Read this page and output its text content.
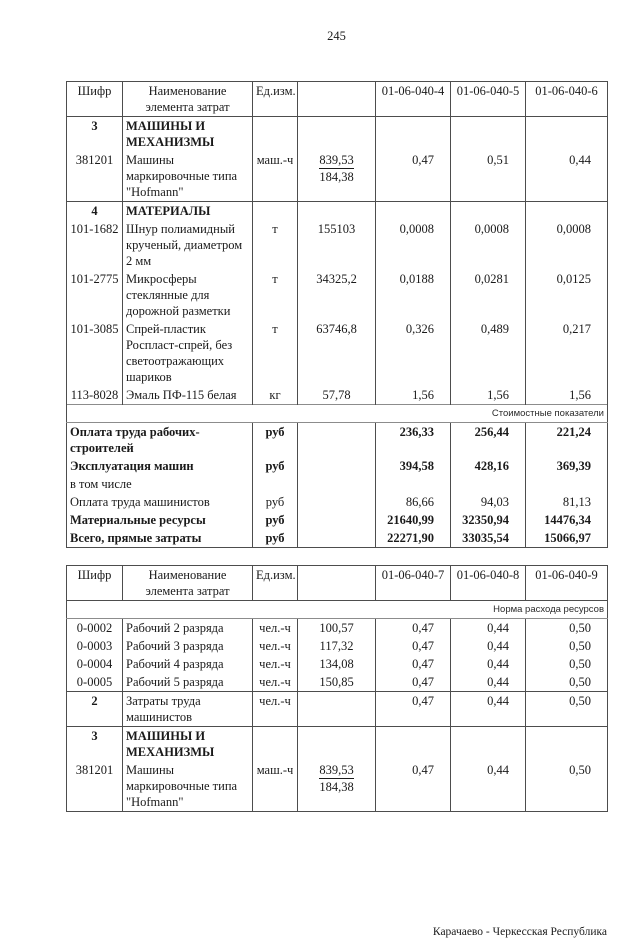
245
Шифр	Наименование элемента затрат	Ед.изм.		01-06-040-4	01-06-040-5	01-06-040-6
3	МАШИНЫ И МЕХАНИЗМЫ					
381201	Машины маркировочные типа "Hofmann"	маш.-ч	$\frac{839,53}{184,38}$	0,47	0,51	0,44
4	МАТЕРИАЛЫ					
101-1682	Шнур полиамидный крученый, диаметром 2 мм	т	155103	0,0008	0,0008	0,0008
101-2775	Микросферы стеклянные для дорожной разметки	т	34325,2	0,0188	0,0281	0,0125
101-3085	Спрей-пластик Роспласт-спрей, без светоотражающих шариков	т	63746,8	0,326	0,489	0,217
113-8028	Эмаль ПФ-115 белая	кг	57,78	1,56	1,56	1,56
Стоимостные показатели						
Оплата труда рабочих-строителей		руб		236,33	256,44	221,24
Эксплуатация машин		руб		394,58	428,16	369,39
в том числе						
Оплата труда машинистов		руб		86,66	94,03	81,13
Материальные ресурсы		руб		21640,99	32350,94	14476,34
Всего, прямые затраты		руб		22271,90	33035,54	15066,97
Шифр	Наименование элемента затрат	Ед.изм.		01-06-040-7	01-06-040-8	01-06-040-9
Норма расхода ресурсов						
0-0002	Рабочий 2 разряда	чел.-ч	100,57	0,47	0,44	0,50
0-0003	Рабочий 3 разряда	чел.-ч	117,32	0,47	0,44	0,50
0-0004	Рабочий 4 разряда	чел.-ч	134,08	0,47	0,44	0,50
0-0005	Рабочий 5 разряда	чел.-ч	150,85	0,47	0,44	0,50
2	Затраты труда машинистов	чел.-ч		0,47	0,44	0,50
3	МАШИНЫ И МЕХАНИЗМЫ					
381201	Машины маркировочные типа "Hofmann"	маш.-ч	$\frac{839,53}{184,38}$	0,47	0,44	0,50
Карачаево - Черкесская Республика
